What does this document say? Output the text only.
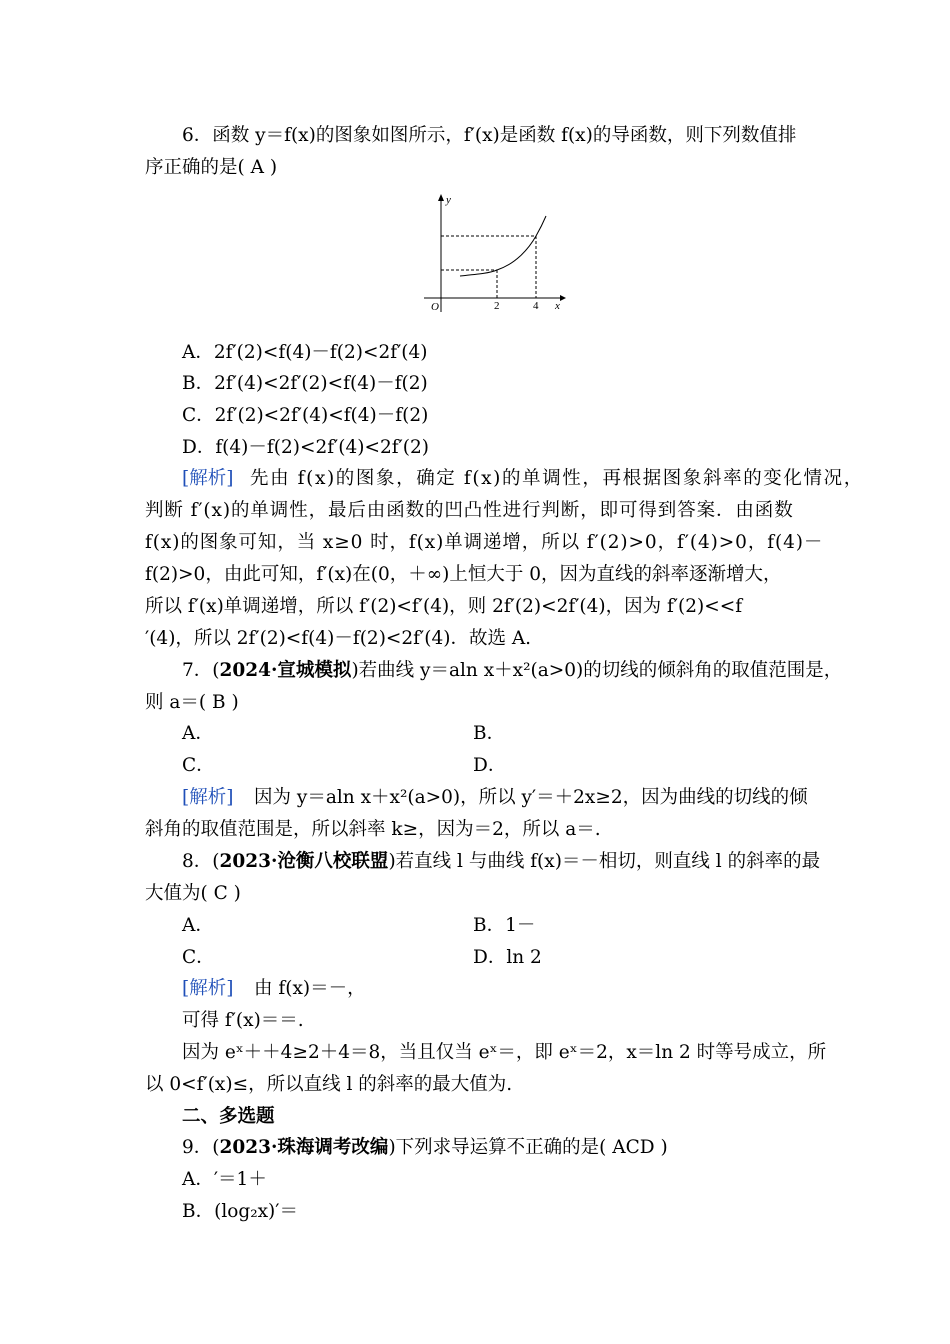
6．函数 y＝f(x)的图象如图所示，f′(x)是函数 f(x)的导函数，则下列数值排
序正确的是( A )
y
x
O	2	4
A．2f′(2)<f(4)－f(2)<2f′(4)
B．2f′(4)<2f′(2)<f(4)－f(2)
C．2f′(2)<2f′(4)<f(4)－f(2)
D．f(4)－f(2)<2f′(4)<2f′(2)
[解析] 先由 f(x)的图象，确定 f(x)的单调性，再根据图象斜率的变化情况，
判断 f′(x)的单调性，最后由函数的凹凸性进行判断，即可得到答案．由函数
f(x)的图象可知，当 x≥0 时，f(x)单调递增，所以 f′(2)>0，f′(4)>0，f(4)－
f(2)>0，由此可知，f′(x)在(0，＋∞)上恒大于 0，因为直线的斜率逐渐增大，
所以 f′(x)单调递增，所以 f′(2)<f′(4)，则 2f′(2)<2f′(4)，因为 f′(2)<<f
′(4)，所以 2f′(2)<f(4)－f(2)<2f′(4)．故选 A.
7．(2024·宣城模拟)若曲线 y＝aln x＋x²(a>0)的切线的倾斜角的取值范围是，
则 a＝( B )
A．	B．
C．	D．
[解析] 因为 y＝aln x＋x²(a>0)，所以 y′＝＋2x≥2，因为曲线的切线的倾
斜角的取值范围是，所以斜率 k≥，因为＝2，所以 a＝.
8．(2023·沧衡八校联盟)若直线 l 与曲线 f(x)＝－相切，则直线 l 的斜率的最
大值为( C )
A．	B．1－
C．	D．ln 2
[解析] 由 f(x)＝－，
可得 f′(x)＝＝.
因为 eˣ＋＋4≥2＋4＝8，当且仅当 eˣ＝，即 eˣ＝2，x＝ln 2 时等号成立，所
以 0<f′(x)≤，所以直线 l 的斜率的最大值为.
二、多选题
9．(2023·珠海调考改编)下列求导运算不正确的是( ACD )
A．′＝1＋
B．(log₂x)′＝
